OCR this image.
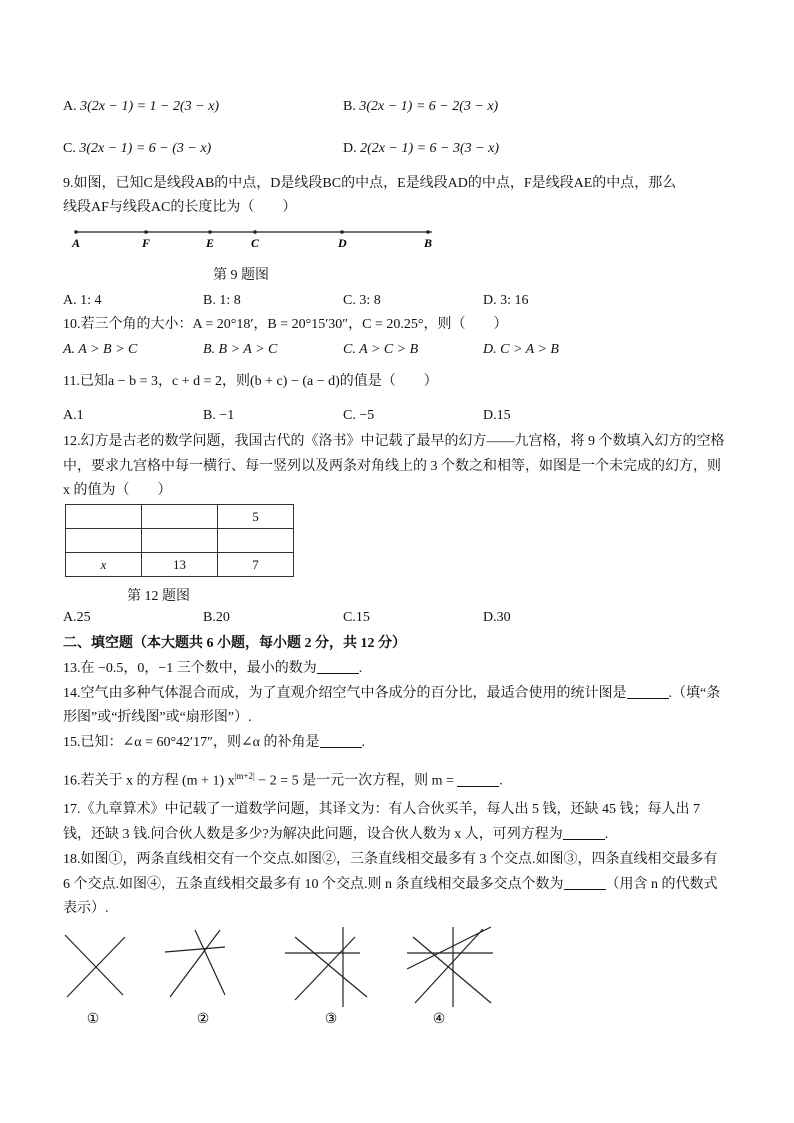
A. 3(2x − 1) = 1 − 2(3 − x)	B. 3(2x − 1) = 6 − 2(3 − x)
C. 3(2x − 1) = 6 − (3 − x)	D. 2(2x − 1) = 6 − 3(3 − x)
9.如图，已知C是线段AB的中点，D是线段BC的中点，E是线段AD的中点，F是线段AE的中点，那么
线段AF与线段AC的长度比为（　　）
A	F	E	C	D	B
第 9 题图
A. 1: 4	B. 1: 8	C. 3: 8	D. 3: 16
10.若三个角的大小：A = 20°18′，B = 20°15′30″，C = 20.25°，则（　　）
A. A > B > C	B. B > A > C	C. A > C > B	D. C > A > B
11.已知a − b = 3，c + d = 2，则(b + c) − (a − d)的值是（　　）
A.1	B. −1	C. −5	D.15
12.幻方是古老的数学问题，我国古代的《洛书》中记载了最早的幻方——九宫格，将 9 个数填入幻方的空格
中，要求九宫格中每一横行、每一竖列以及两条对角线上的 3 个数之和相等，如图是一个未完成的幻方，则
x 的值为（　　）
		5

x	13	7
第 12 题图
A.25	B.20	C.15	D.30
二、填空题（本大题共 6 小题，每小题 2 分，共 12 分）
13.在 −0.5，0，−1 三个数中，最小的数为	.
14.空气由多种气体混合而成，为了直观介绍空气中各成分的百分比，最适合使用的统计图是	.（填“条
形图”或“折线图”或“扇形图”）.
15.已知：∠α = 60°42′17″，则∠α 的补角是	.
16.若关于 x 的方程 (m + 1) $x^{|m+2|} - 2 = 5$ 是一元一次方程，则 m =	.
17.《九章算术》中记载了一道数学问题，其译文为：有人合伙买羊，每人出 5 钱，还缺 45 钱；每人出 7
钱，还缺 3 钱.问合伙人数是多少?为解决此问题，设合伙人数为 x 人，可列方程为	.
18.如图①，两条直线相交有一个交点.如图②，三条直线相交最多有 3 个交点.如图③，四条直线相交最多有
6 个交点.如图④，五条直线相交最多有 10 个交点.则 n 条直线相交最多交点个数为	（用含 n 的代数式
表示）.
①	②	③	④
